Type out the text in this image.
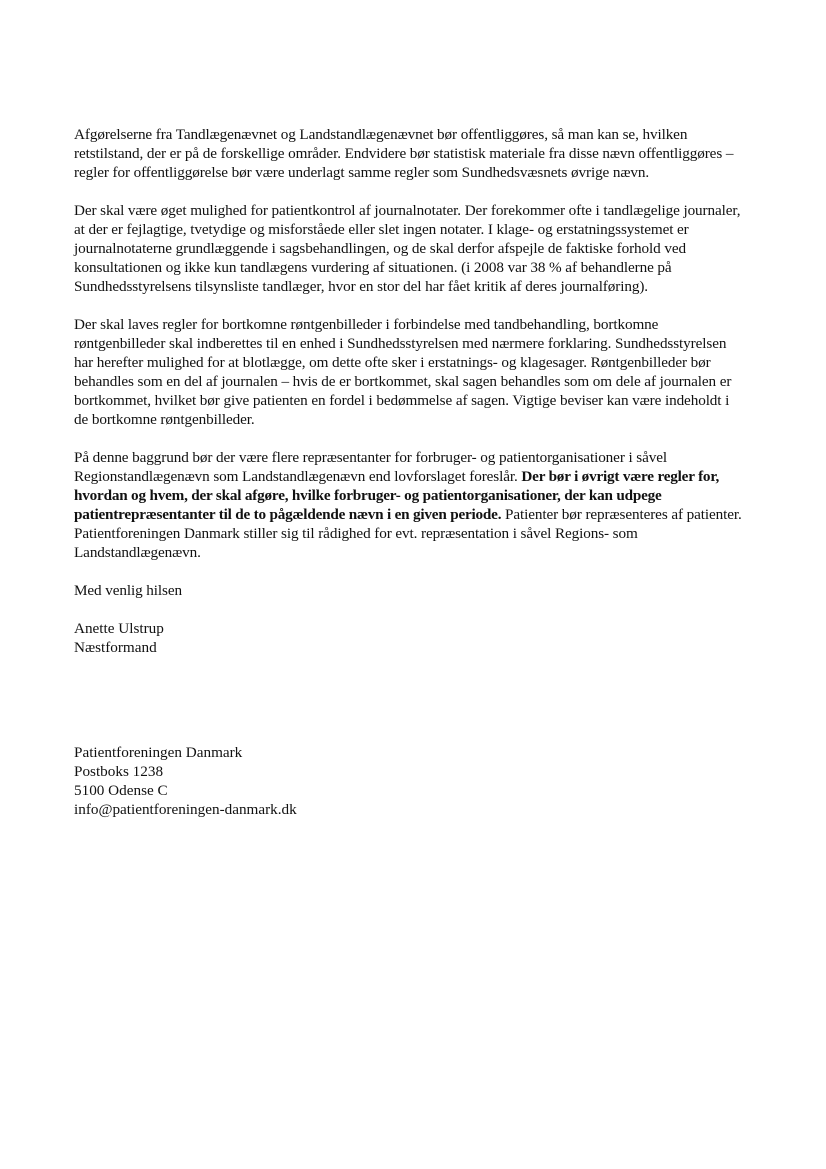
Afgørelserne fra Tandlægenævnet og Landstandlægenævnet bør offentliggøres, så man kan se, hvilken retstilstand, der er på de forskellige områder. Endvidere bør statistisk materiale fra disse nævn offentliggøres – regler for offentliggørelse bør være underlagt samme regler som Sundhedsvæsnets øvrige nævn.

Der skal være øget mulighed for patientkontrol af journalnotater. Der forekommer ofte i tandlægelige journaler, at der er fejlagtige, tvetydige og misforståede eller slet ingen notater. I klage- og erstatningssystemet er journalnotaterne grundlæggende i sagsbehandlingen, og de skal derfor afspejle de faktiske forhold ved konsultationen og ikke kun tandlægens vurdering af situationen. (i 2008 var 38 % af behandlerne på Sundhedsstyrelsens tilsynsliste tandlæger, hvor en stor del har fået kritik af deres journalføring).

Der skal laves regler for bortkomne røntgenbilleder i forbindelse med tandbehandling, bortkomne røntgenbilleder skal indberettes til en enhed i Sundhedsstyrelsen med nærmere forklaring. Sundhedsstyrelsen har herefter mulighed for at blotlægge, om dette ofte sker i erstatnings- og klagesager. Røntgenbilleder bør behandles som en del af journalen – hvis de er bortkommet, skal sagen behandles som om dele af journalen er bortkommet, hvilket bør give patienten en fordel i bedømmelse af sagen. Vigtige beviser kan være indeholdt i de bortkomne røntgenbilleder.

På denne baggrund bør der være flere repræsentanter for forbruger- og patientorganisationer i såvel Regionstandlægenævn som Landstandlægenævn end lovforslaget foreslår. Der bør i øvrigt være regler for, hvordan og hvem, der skal afgøre, hvilke forbruger- og patientorganisationer, der kan udpege patientrepræsentanter til de to pågældende nævn i en given periode. Patienter bør repræsenteres af patienter. Patientforeningen Danmark stiller sig til rådighed for evt. repræsentation i såvel Regions- som Landstandlægenævn.

Med venlig hilsen

Anette Ulstrup
Næstformand
Patientforeningen Danmark
Postboks 1238
5100 Odense C
info@patientforeningen-danmark.dk
